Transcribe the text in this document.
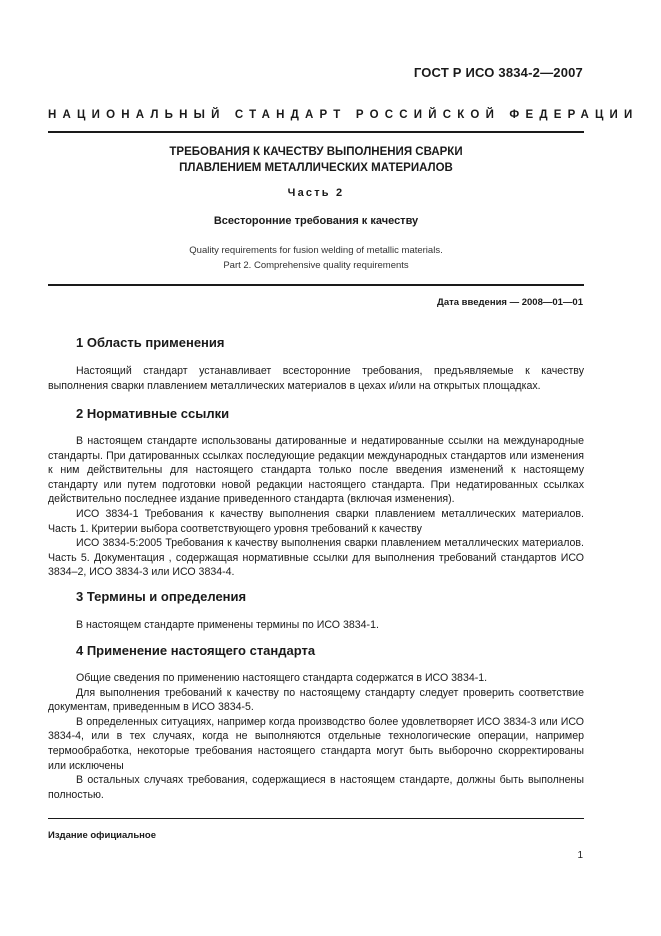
ГОСТ Р ИСО 3834-2—2007
НАЦИОНАЛЬНЫЙ СТАНДАРТ РОССИЙСКОЙ ФЕДЕРАЦИИ
ТРЕБОВАНИЯ К КАЧЕСТВУ ВЫПОЛНЕНИЯ СВАРКИ
ПЛАВЛЕНИЕМ МЕТАЛЛИЧЕСКИХ МАТЕРИАЛОВ
Часть 2
Всесторонние требования к качеству
Quality requirements for fusion welding of metallic materials.
Part 2. Comprehensive quality requirements
Дата введения — 2008—01—01
1 Область применения

Настоящий стандарт устанавливает всесторонние требования, предъявляемые к качеству выполнения сварки плавлением металлических материалов в цехах и/или на открытых площадках.

2 Нормативные ссылки

В настоящем стандарте использованы датированные и недатированные ссылки на международные стандарты. При датированных ссылках последующие редакции международных стандартов или изменения к ним действительны для настоящего стандарта только после введения изменений к настоящему стандарту или путем подготовки новой редакции настоящего стандарта. При недатированных ссылках действительно последнее издание приведенного стандарта (включая изменения).

ИСО 3834-1 Требования к качеству выполнения сварки плавлением металлических материалов. Часть 1. Критерии выбора соответствующего уровня требований к качеству

ИСО 3834-5:2005 Требования к качеству выполнения сварки плавлением металлических материалов. Часть 5. Документация , содержащая нормативные ссылки для выполнения требований стандартов ИСО 3834–2, ИСО 3834-3 или ИСО 3834-4.

3 Термины и определения

В настоящем стандарте применены термины по ИСО 3834-1.

4 Применение настоящего стандарта

Общие сведения по применению настоящего стандарта содержатся в ИСО 3834-1.

Для выполнения требований к качеству по настоящему стандарту следует проверить соответствие документам, приведенным в ИСО 3834-5.

В определенных ситуациях, например когда производство более удовлетворяет ИСО 3834-3 или ИСО 3834-4, или в тех случаях, когда не выполняются отдельные технологические операции, например термообработка, некоторые требования настоящего стандарта могут быть выборочно скорректированы или исключены

В остальных случаях требования, содержащиеся в настоящем стандарте, должны быть выполнены полностью.

Издание официальное
1
